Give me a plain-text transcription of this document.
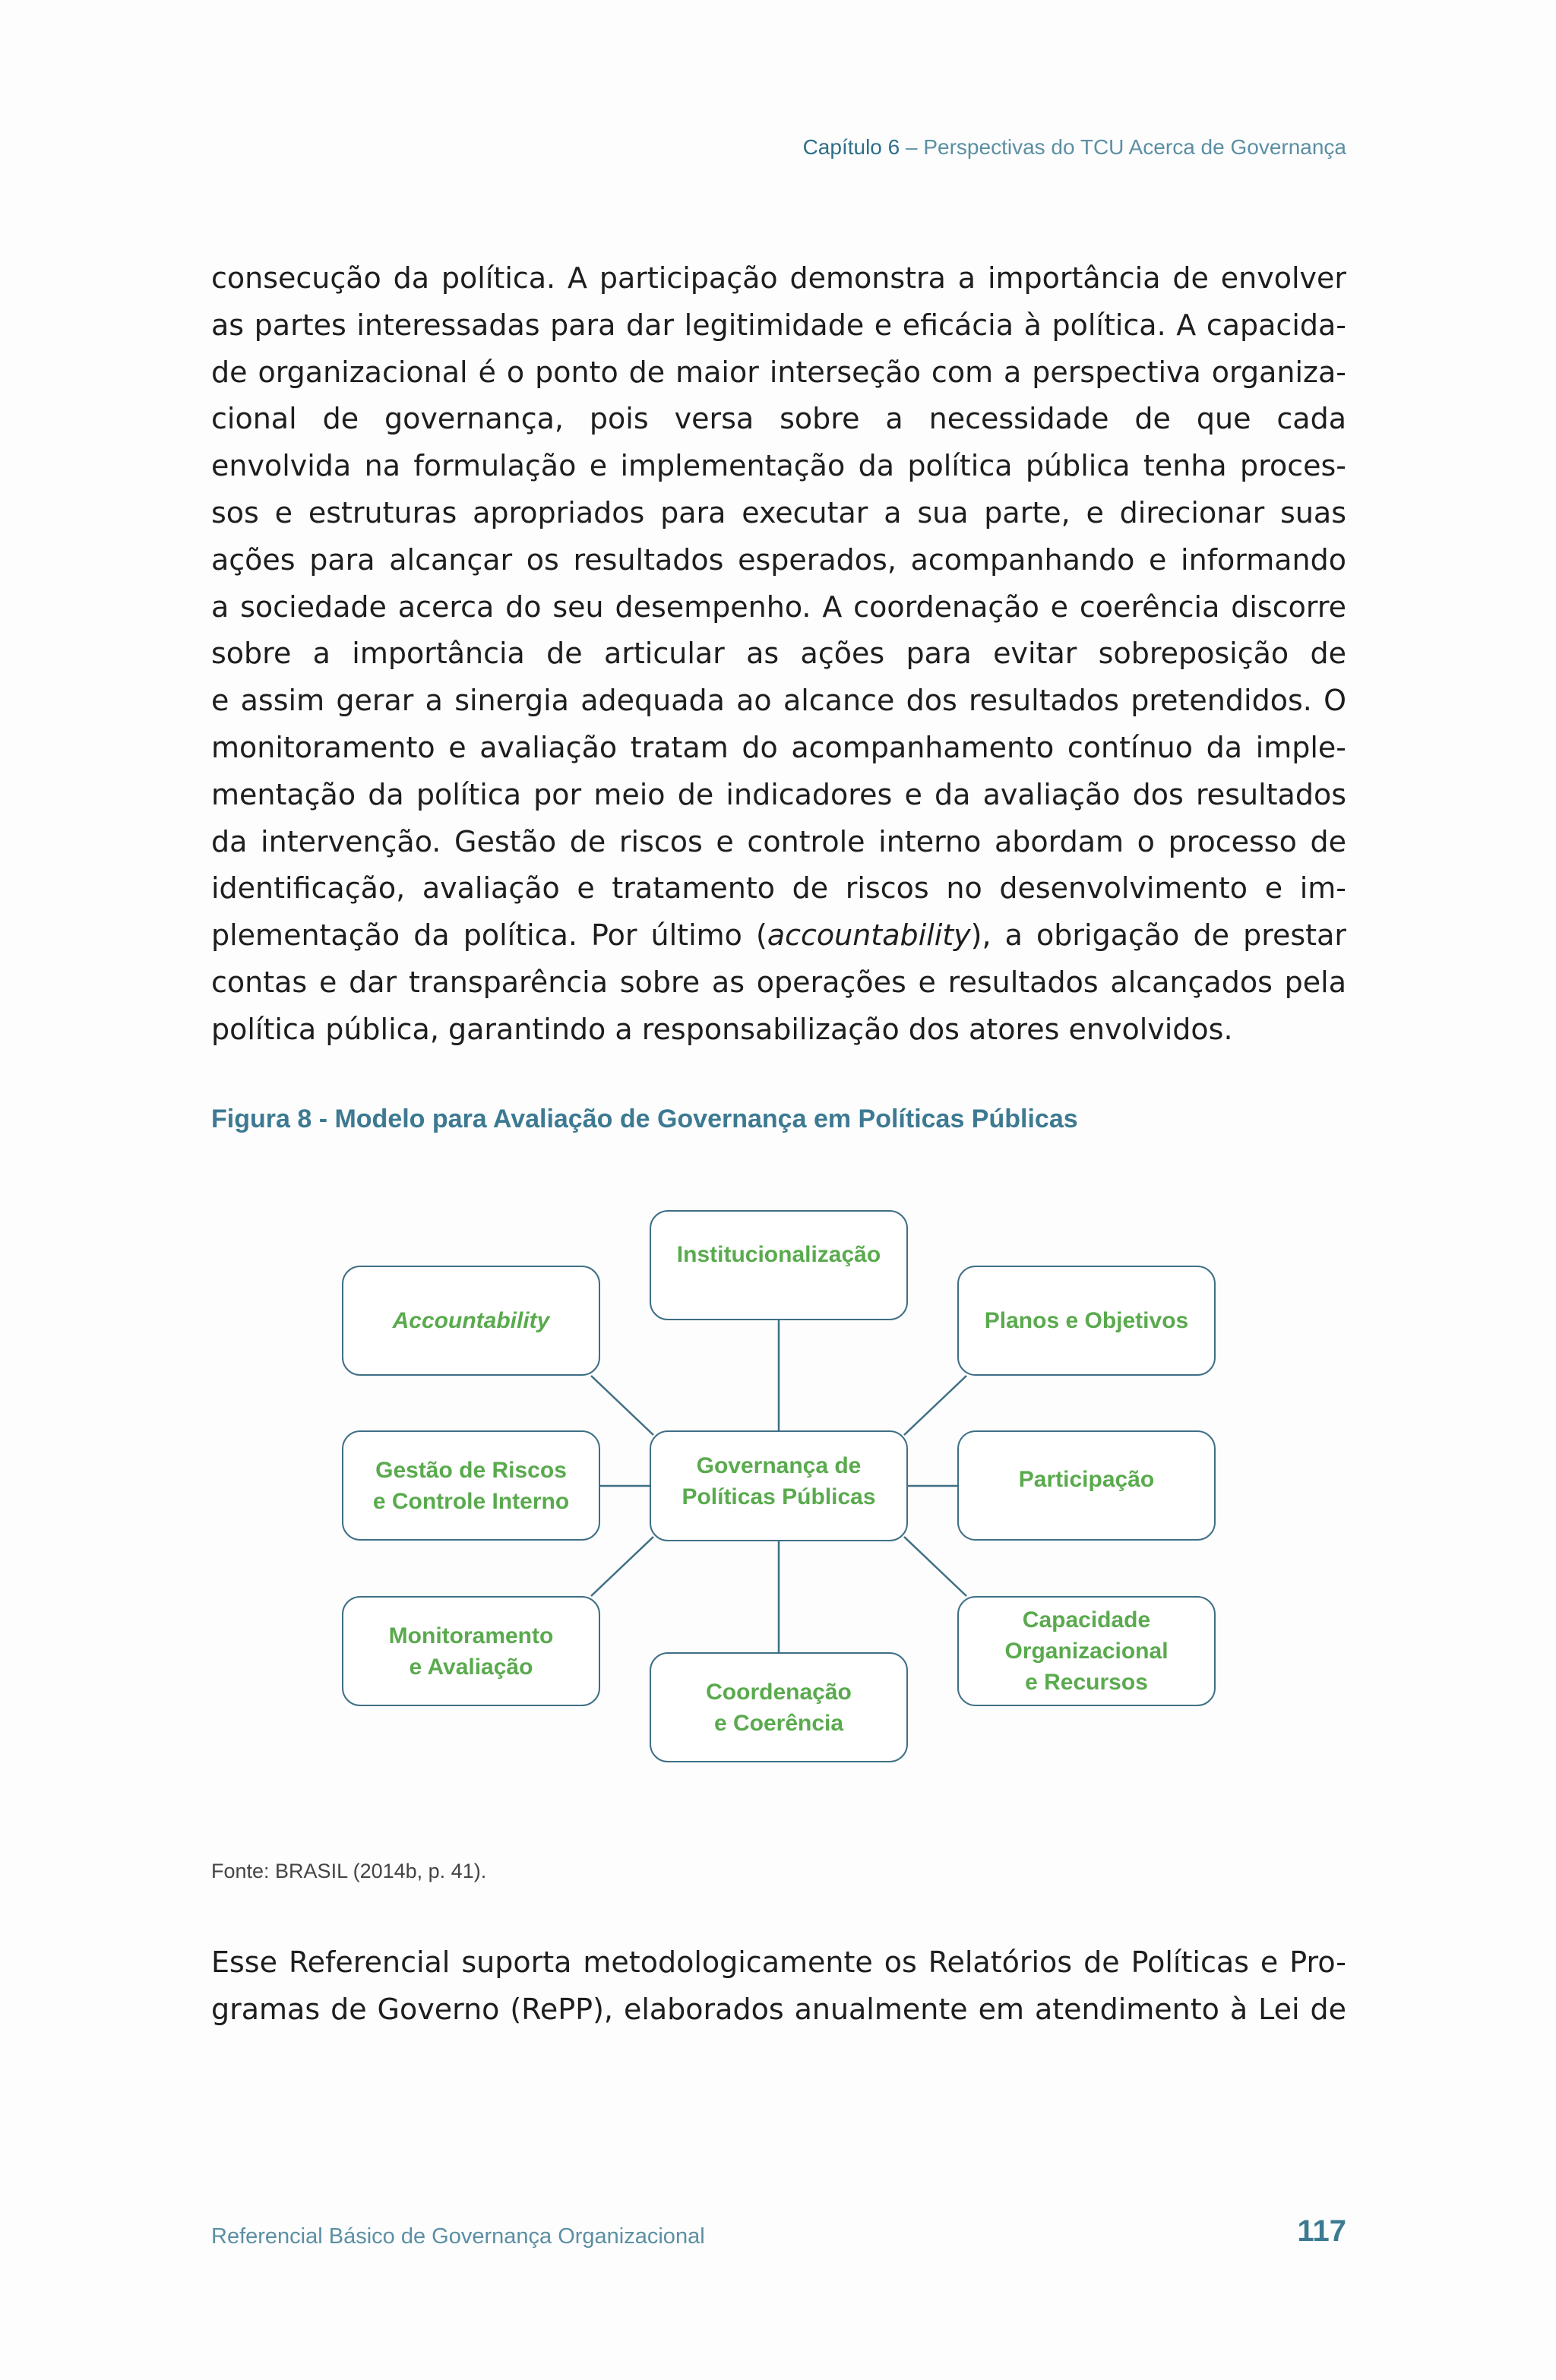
Capítulo 6 – Perspectivas do TCU Acerca de Governança
consecução da política. A participação demonstra a importância de envolver
as partes interessadas para dar legitimidade e eficácia à política. A capacida-
de organizacional é o ponto de maior interseção com a perspectiva organiza-
cional de governança, pois versa sobre a necessidade de que cada
envolvida na formulação e implementação da política pública tenha proces-
sos e estruturas apropriados para executar a sua parte, e direcionar suas
ações para alcançar os resultados esperados, acompanhando e informando
a sociedade acerca do seu desempenho. A coordenação e coerência discorre
sobre a importância de articular as ações para evitar sobreposição de
e assim gerar a sinergia adequada ao alcance dos resultados pretendidos. O
monitoramento e avaliação tratam do acompanhamento contínuo da imple-
mentação da política por meio de indicadores e da avaliação dos resultados
da intervenção. Gestão de riscos e controle interno abordam o processo de
identificação, avaliação e tratamento de riscos no desenvolvimento e im-
plementação da política. Por último (accountability), a obrigação de prestar
contas e dar transparência sobre as operações e resultados alcançados pela
política pública, garantindo a responsabilização dos atores envolvidos.
Figura 8 - Modelo para Avaliação de Governança em Políticas Públicas
Institucionalização
Accountability	Planos e Objetivos
Gestão de Riscos
e Controle Interno
Governança de
Políticas Públicas
Participação
Monitoramento
e Avaliação
Capacidade
Organizacional
e Recursos
Coordenação
e Coerência
Fonte: BRASIL (2014b, p. 41).
Esse Referencial suporta metodologicamente os Relatórios de Políticas e Pro-
gramas de Governo (RePP), elaborados anualmente em atendimento à Lei de
Referencial Básico de Governança Organizacional	117
